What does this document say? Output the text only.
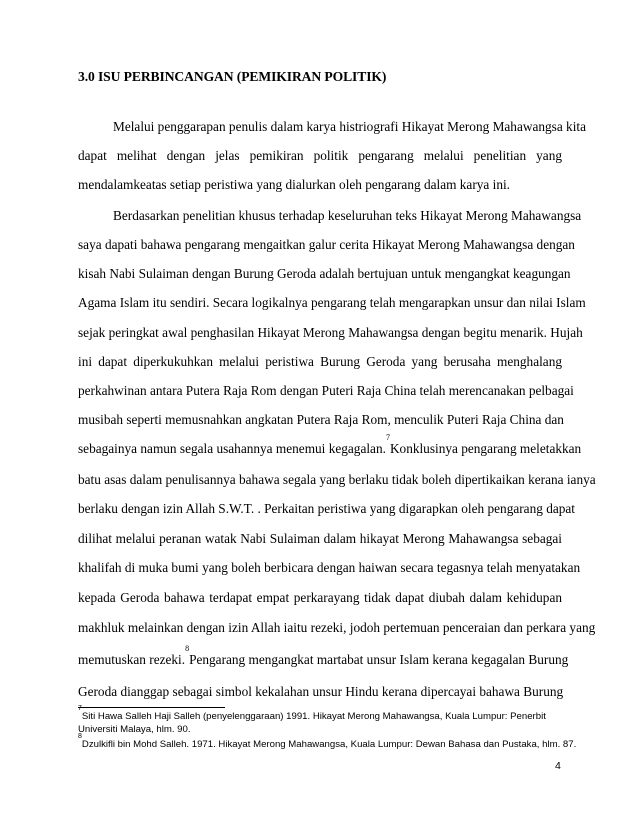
3.0 ISU PERBINCANGAN (PEMIKIRAN POLITIK)
Melalui penggarapan penulis dalam karya histriografi Hikayat Merong Mahawangsa kita
dapat melihat dengan jelas pemikiran politik pengarang melalui penelitian yang
mendalamkeatas setiap peristiwa yang dialurkan oleh pengarang dalam karya ini.
Berdasarkan penelitian khusus terhadap keseluruhan teks Hikayat Merong Mahawangsa
saya dapati bahawa pengarang mengaitkan galur cerita Hikayat Merong Mahawangsa dengan
kisah Nabi Sulaiman dengan Burung Geroda adalah bertujuan untuk mengangkat keagungan
Agama Islam itu sendiri. Secara logikalnya pengarang telah mengarapkan unsur dan nilai Islam
sejak peringkat awal penghasilan Hikayat Merong Mahawangsa dengan begitu menarik. Hujah
ini dapat diperkukuhkan melalui peristiwa Burung Geroda yang berusaha menghalang
perkahwinan antara Putera Raja Rom dengan Puteri Raja China telah merencanakan pelbagai
musibah seperti memusnahkan angkatan Putera Raja Rom, menculik Puteri Raja China dan
sebagainya namun segala usahannya menemui kegagalan.$^7$Konklusinya pengarang meletakkan
batu asas dalam penulisannya bahawa segala yang berlaku tidak boleh dipertikaikan kerana ianya
berlaku dengan izin Allah S.W.T. . Perkaitan peristiwa yang digarapkan oleh pengarang dapat
dilihat melalui peranan watak Nabi Sulaiman dalam hikayat Merong Mahawangsa sebagai
khalifah di muka bumi yang boleh berbicara dengan haiwan secara tegasnya telah menyatakan
kepada Geroda bahawa terdapat empat perkarayang tidak dapat diubah dalam kehidupan
makhluk melainkan dengan izin Allah iaitu rezeki, jodoh pertemuan penceraian dan perkara yang
memutuskan rezeki.$^8$
Pengarang mengangkat martabat unsur Islam kerana kegagalan Burung
Geroda dianggap sebagai simbol kekalahan unsur Hindu kerana dipercayai bahawa Burung
$^7$Siti Hawa Salleh Haji Salleh (penyelenggaraan) 1991. Hikayat Merong Mahawangsa, Kuala Lumpur: Penerbit
Universiti Malaya, hlm. 90.
$^8$Dzulkifli bin Mohd Salleh. 1971. Hikayat Merong Mahawangsa, Kuala Lumpur: Dewan Bahasa dan Pustaka, hlm. 87.
4
